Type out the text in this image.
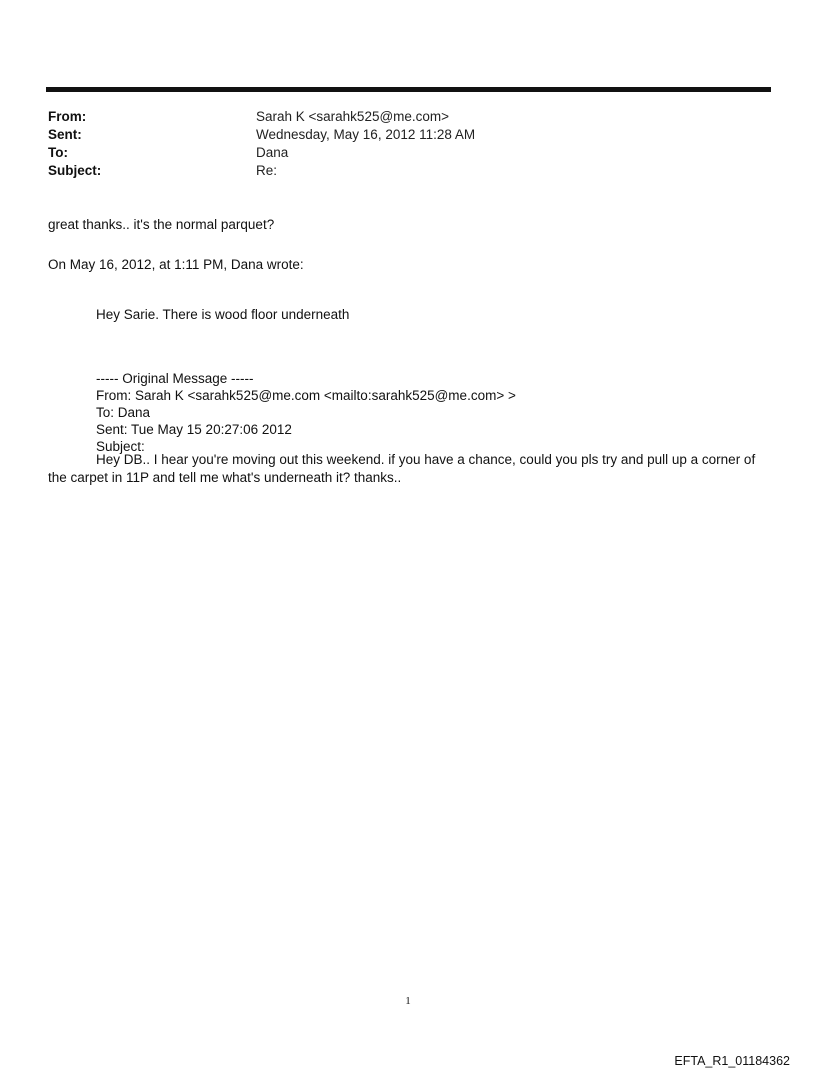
From:	Sarah K <sarahk525@me.com>
Sent:	Wednesday, May 16, 2012 11:28 AM
To:	Dana
Subject:	Re:
great thanks.. it's the normal parquet?
On May 16, 2012, at 1:11 PM, Dana wrote:
Hey Sarie. There is wood floor underneath
----- Original Message -----
From: Sarah K <sarahk525@me.com <mailto:sarahk525@me.com> >
To: Dana
Sent: Tue May 15 20:27:06 2012
Subject:
Hey DB.. I hear you're moving out this weekend. if you have a chance, could you pls try and pull up a corner of the carpet in 11P and tell me what's underneath it? thanks..
1
EFTA_R1_01184362
